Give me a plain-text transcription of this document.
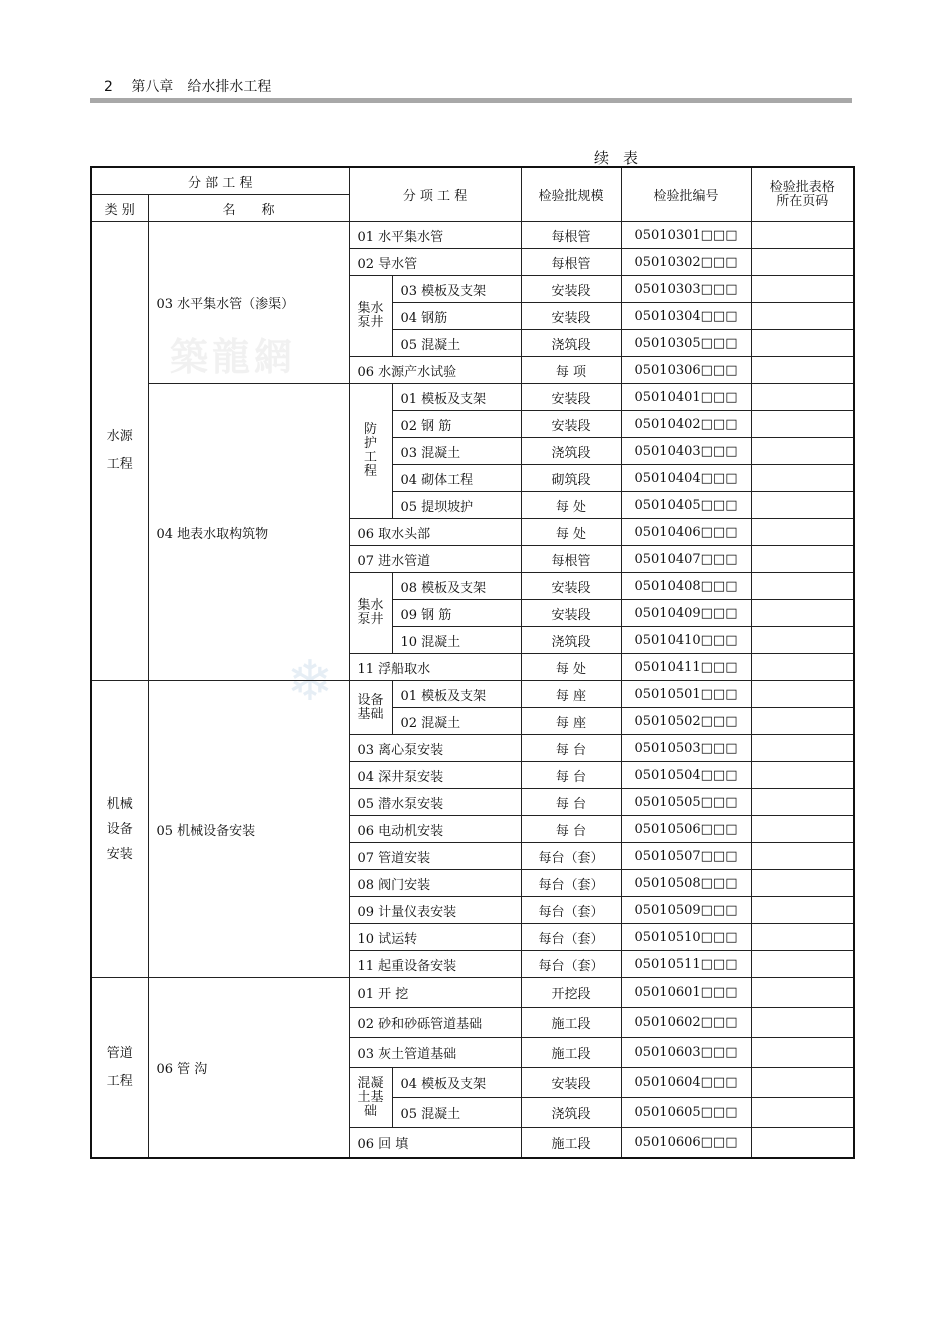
2 第八章　给水排水工程
築龍網
❄
续表
分 部 工 程		分 项 工 程		检验批规模	检验批编号	检验批表格所在页码
类 别	名　　称					
水源工程	03 水平集水管（渗渠）	01 水平集水管		每根管	05010301□□□	
		02 导水管		每根管	05010302□□□	
		集水泵井	03 模板及支架	安装段	05010303□□□	
			04 钢筋	安装段	05010304□□□	
			05 混凝土	浇筑段	05010305□□□	
		06 水源产水试验		每 项	05010306□□□	
	04 地表水取构筑物	防护工程	01 模板及支架	安装段	05010401□□□	
			02 钢 筋	安装段	05010402□□□	
			03 混凝土	浇筑段	05010403□□□	
			04 砌体工程	砌筑段	05010404□□□	
			05 提坝坡护	每 处	05010405□□□	
		06 取水头部		每 处	05010406□□□	
		07 进水管道		每根管	05010407□□□	
		集水泵井	08 模板及支架	安装段	05010408□□□	
			09 钢 筋	安装段	05010409□□□	
			10 混凝土	浇筑段	05010410□□□	
		11 浮船取水		每 处	05010411□□□	
机械设备安装	05 机械设备安装	设备基础	01 模板及支架	每 座	05010501□□□	
			02 混凝土	每 座	05010502□□□	
		03 离心泵安装		每 台	05010503□□□	
		04 深井泵安装		每 台	05010504□□□	
		05 潜水泵安装		每 台	05010505□□□	
		06 电动机安装		每 台	05010506□□□	
		07 管道安装		每台（套）	05010507□□□	
		08 阀门安装		每台（套）	05010508□□□	
		09 计量仪表安装		每台（套）	05010509□□□	
		10 试运转		每台（套）	05010510□□□	
		11 起重设备安装		每台（套）	05010511□□□	
管道工程	06 管 沟	01 开 挖		开挖段	05010601□□□	
		02 砂和砂砾管道基础		施工段	05010602□□□	
		03 灰土管道基础		施工段	05010603□□□	
		混凝土基础	04 模板及支架	安装段	05010604□□□	
			05 混凝土	浇筑段	05010605□□□	
		06 回 填		施工段	05010606□□□	
